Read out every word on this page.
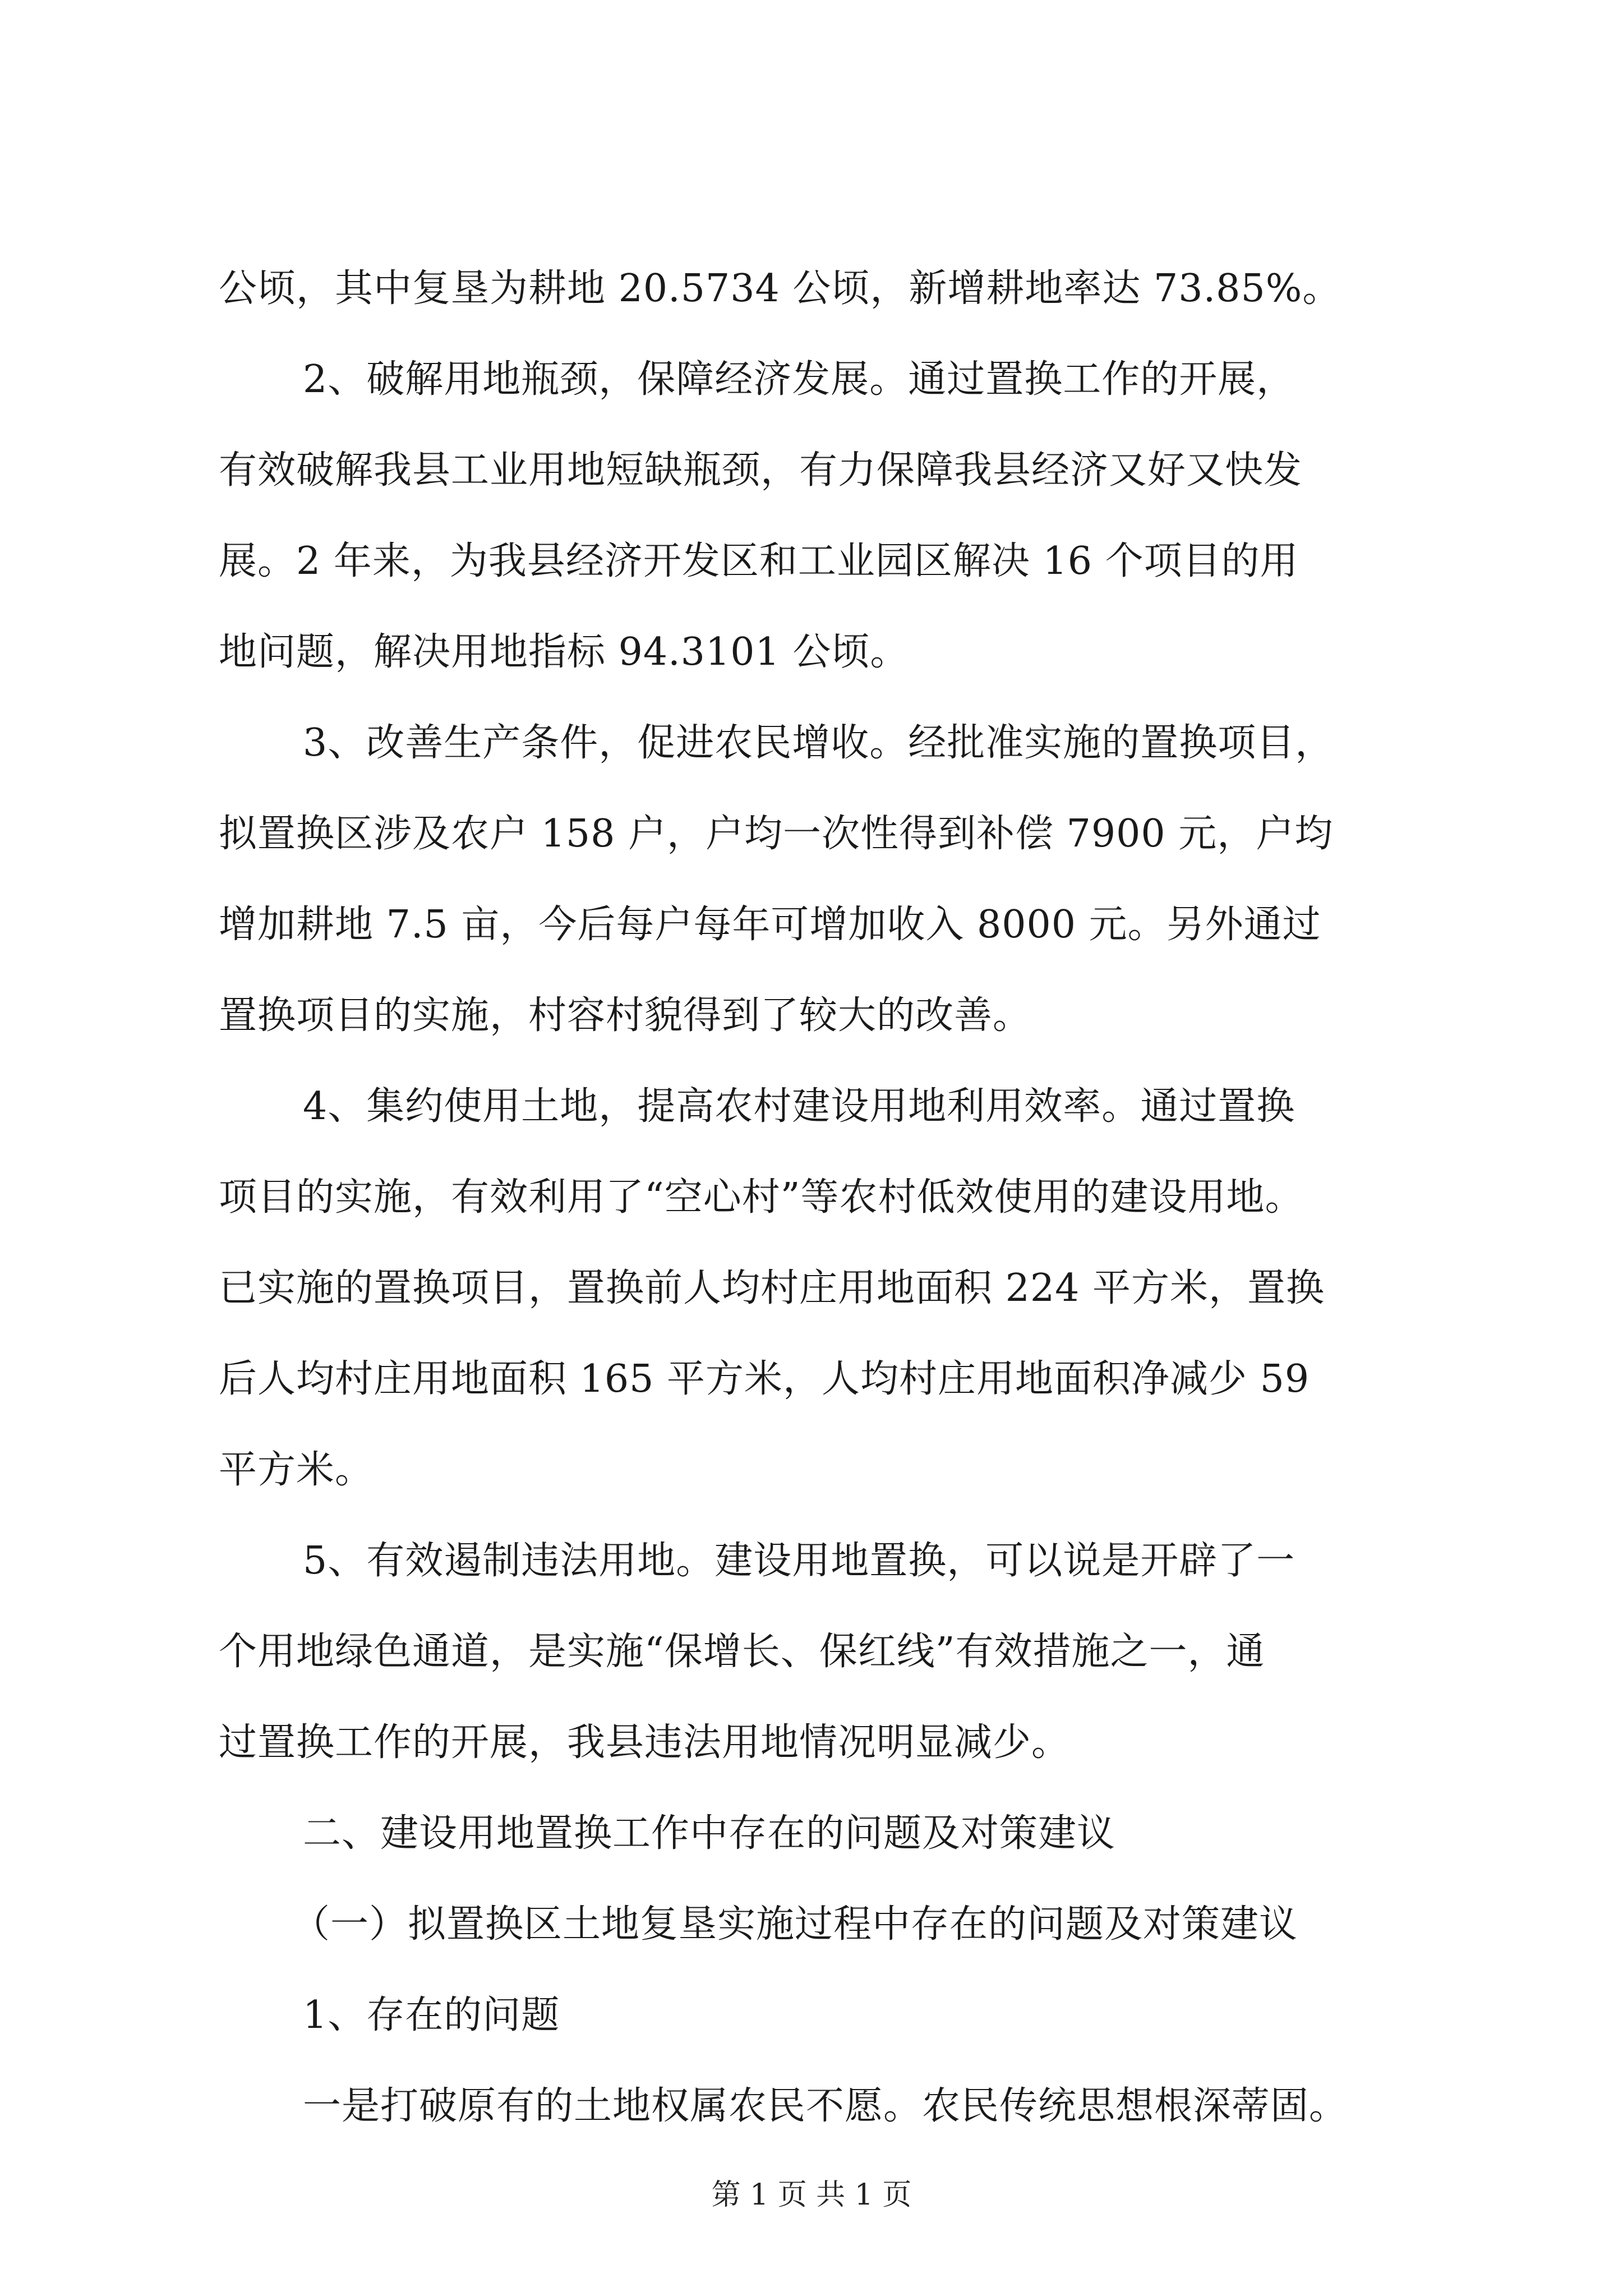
公顷，其中复垦为耕地 20.5734 公顷，新增耕地率达 73.85%。
2、破解用地瓶颈，保障经济发展。通过置换工作的开展，
有效破解我县工业用地短缺瓶颈，有力保障我县经济又好又快发
展。2 年来，为我县经济开发区和工业园区解决 16 个项目的用
地问题，解决用地指标 94.3101 公顷。
3、改善生产条件，促进农民增收。经批准实施的置换项目，
拟置换区涉及农户 158 户，户均一次性得到补偿 7900 元，户均
增加耕地 7.5 亩，今后每户每年可增加收入 8000 元。另外通过
置换项目的实施，村容村貌得到了较大的改善。
4、集约使用土地，提高农村建设用地利用效率。通过置换
项目的实施，有效利用了“空心村”等农村低效使用的建设用地。
已实施的置换项目，置换前人均村庄用地面积 224 平方米，置换
后人均村庄用地面积 165 平方米，人均村庄用地面积净减少 59
平方米。
5、有效遏制违法用地。建设用地置换，可以说是开辟了一
个用地绿色通道，是实施“保增长、保红线”有效措施之一，通
过置换工作的开展，我县违法用地情况明显减少。
二、建设用地置换工作中存在的问题及对策建议
（一）拟置换区土地复垦实施过程中存在的问题及对策建议
1、存在的问题
一是打破原有的土地权属农民不愿。农民传统思想根深蒂固。
第 1 页 共 1 页
